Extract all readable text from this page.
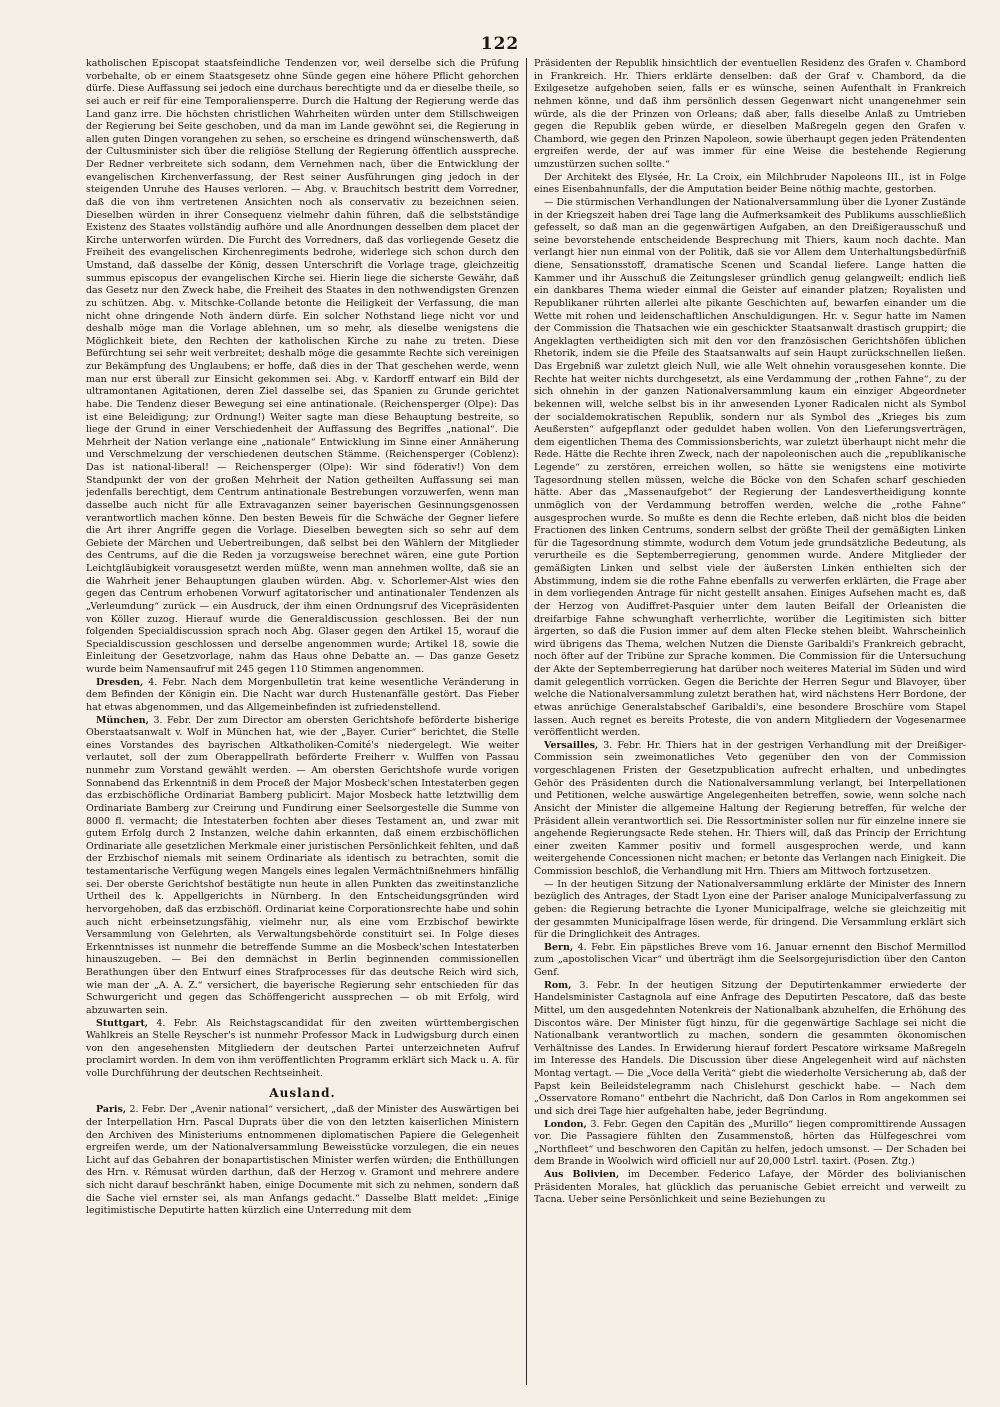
122

katholischen Episcopat staatsfeindliche Tendenzen vor, weil derselbe sich die Prüfung vorbehalte, ob er einem Staatsgesetz ohne Sünde gegen eine höhere Pflicht gehorchen dürfe. Diese Auffassung sei jedoch eine durchaus berechtigte und da er dieselbe theile, so sei auch er reif für eine Temporaliensperre. Durch die Haltung der Regierung werde das Land ganz irre. Die höchsten christlichen Wahrheiten würden unter dem Stillschweigen der Regierung bei Seite geschoben, und da man im Lande gewöhnt sei, die Regierung in allen guten Dingen vorangehen zu sehen, so erscheine es dringend wünschenswerth, daß der Cultusminister sich über die religiöse Stellung der Regierung öffentlich ausspreche. Der Redner verbreitete sich sodann, dem Vernehmen nach, über die Entwicklung der evangelischen Kirchenverfassung, der Rest seiner Ausführungen ging jedoch in der steigenden Unruhe des Hauses verloren. — Abg. v. Brauchitsch bestritt dem Vorredner, daß die von ihm vertretenen Ansichten noch als conservativ zu bezeichnen seien. Dieselben würden in ihrer Consequenz vielmehr dahin führen, daß die selbstständige Existenz des Staates vollständig aufhöre und alle Anordnungen desselben dem placet der Kirche unterworfen würden. Die Furcht des Vorredners, daß das vorliegende Gesetz die Freiheit des evangelischen Kirchenregiments bedrohe, widerlege sich schon durch den Umstand, daß dasselbe der König, dessen Unterschrift die Vorlage trage, gleichzeitig summus episcopus der evangelischen Kirche sei. Hierin liege die sicherste Gewähr, daß das Gesetz nur den Zweck habe, die Freiheit des Staates in den nothwendigsten Grenzen zu schützen. Abg. v. Mitschke-Collande betonte die Heiligkeit der Verfassung, die man nicht ohne dringende Noth ändern dürfe. Ein solcher Nothstand liege nicht vor und deshalb möge man die Vorlage ablehnen, um so mehr, als dieselbe wenigstens die Möglichkeit biete, den Rechten der katholischen Kirche zu nahe zu treten. Diese Befürchtung sei sehr weit verbreitet; deshalb möge die gesammte Rechte sich vereinigen zur Bekämpfung des Unglaubens; er hoffe, daß dies in der That geschehen werde, wenn man nur erst überall zur Einsicht gekommen sei. Abg. v. Kardorff entwarf ein Bild der ultramontanen Agitationen, deren Ziel dasselbe sei, das Spanien zu Grunde gerichtet habe. Die Tendenz dieser Bewegung sei eine antinationale. (Reichensperger (Olpe): Das ist eine Beleidigung; zur Ordnung!) Weiter sagte man diese Behauptung bestreite, so liege der Grund in einer Verschiedenheit der Auffassung des Begriffes „national“. Die Mehrheit der Nation verlange eine „nationale“ Entwicklung im Sinne einer Annäherung und Verschmelzung der verschiedenen deutschen Stämme. (Reichensperger (Coblenz): Das ist national-liberal! — Reichensperger (Olpe): Wir sind föderativ!) Von dem Standpunkt der von der großen Mehrheit der Nation getheilten Auffassung sei man jedenfalls berechtigt, dem Centrum antinationale Bestrebungen vorzuwerfen, wenn man dasselbe auch nicht für alle Extravaganzen seiner bayerischen Gesinnungsgenossen verantwortlich machen könne. Den besten Beweis für die Schwäche der Gegner liefere die Art ihrer Angriffe gegen die Vorlage. Dieselben bewegten sich so sehr auf dem Gebiete der Märchen und Uebertreibungen, daß selbst bei den Wählern der Mitglieder des Centrums, auf die die Reden ja vorzugsweise berechnet wären, eine gute Portion Leichtgläubigkeit vorausgesetzt werden müßte, wenn man annehmen wollte, daß sie an die Wahrheit jener Behauptungen glauben würden. Abg. v. Schorlemer-Alst wies den gegen das Centrum erhobenen Vorwurf agitatorischer und antinationaler Tendenzen als „Verleumdung“ zurück — ein Ausdruck, der ihm einen Ordnungsruf des Vicepräsidenten von Köller zuzog. Hierauf wurde die Generaldiscussion geschlossen. Bei der nun folgenden Specialdiscussion sprach noch Abg. Glaser gegen den Artikel 15, worauf die Specialdiscussion geschlossen und derselbe angenommen wurde; Artikel 18, sowie die Einleitung der Gesetzvorlage, nahm das Haus ohne Debatte an. — Das ganze Gesetz wurde beim Namensaufruf mit 245 gegen 110 Stimmen angenommen.

Dresden, 4. Febr. Nach dem Morgenbulletin trat keine wesentliche Veränderung in dem Befinden der Königin ein. Die Nacht war durch Hustenanfälle gestört. Das Fieber hat etwas abgenommen, und das Allgemeinbefinden ist zufriedenstellend.

München, 3. Febr. Der zum Director am obersten Gerichtshofe beförderte bisherige Oberstaatsanwalt v. Wolf in München hat, wie der „Bayer. Curier“ berichtet, die Stelle eines Vorstandes des bayrischen Altkatholiken-Comité's niedergelegt. Wie weiter verlautet, soll der zum Oberappellrath beförderte Freiherr v. Wulffen von Passau nunmehr zum Vorstand gewählt werden. — Am obersten Gerichtshofe wurde vorigen Sonnabend das Erkenntniß in dem Proceß der Major Mosbeck'schen Intestaterben gegen das erzbischöfliche Ordinariat Bamberg publicirt. Major Mosbeck hatte letztwillig dem Ordinariate Bamberg zur Creirung und Fundirung einer Seelsorgestelle die Summe von 8000 fl. vermacht; die Intestaterben fochten aber dieses Testament an, und zwar mit gutem Erfolg durch 2 Instanzen, welche dahin erkannten, daß einem erzbischöflichen Ordinariate alle gesetzlichen Merkmale einer juristischen Persönlichkeit fehlten, und daß der Erzbischof niemals mit seinem Ordinariate als identisch zu betrachten, somit die testamentarische Verfügung wegen Mangels eines legalen Vermächtnißnehmers hinfällig sei. Der oberste Gerichtshof bestätigte nun heute in allen Punkten das zweitinstanzliche Urtheil des k. Appellgerichts in Nürnberg. In den Entscheidungsgründen wird hervorgehoben, daß das erzbischöfl. Ordinariat keine Corporationsrechte habe und sohin auch nicht erbeinsetzungsfähig, vielmehr nur, als eine vom Erzbischof bewirkte Versammlung von Gelehrten, als Verwaltungsbehörde constituirt sei. In Folge dieses Erkenntnisses ist nunmehr die betreffende Summe an die Mosbeck'schen Intestaterben hinauszugeben. — Bei den demnächst in Berlin beginnenden commissionellen Berathungen über den Entwurf eines Strafprocesses für das deutsche Reich wird sich, wie man der „A. A. Z.“ versichert, die bayerische Regierung sehr entschieden für das Schwurgericht und gegen das Schöffengericht aussprechen — ob mit Erfolg, wird abzuwarten sein.

Stuttgart, 4. Febr. Als Reichstagscandidat für den zweiten württembergischen Wahlkreis an Stelle Reyscher's ist nunmehr Professor Mack in Ludwigsburg durch einen von den angesehensten Mitgliedern der deutschen Partei unterzeichneten Aufruf proclamirt worden. In dem von ihm veröffentlichten Programm erklärt sich Mack u. A. für volle Durchführung der deutschen Rechtseinheit.

Ausland.

Paris, 2. Febr. Der „Avenir national“ versichert, „daß der Minister des Auswärtigen bei der Interpellation Hrn. Pascal Duprats über die von den letzten kaiserlichen Ministern den Archiven des Ministeriums entnommenen diplomatischen Papiere die Gelegenheit ergreifen werde, um der Nationalversammlung Beweisstücke vorzulegen, die ein neues Licht auf das Gebahren der bonapartistischen Minister werfen würden; die Enthüllungen des Hrn. v. Rémusat würden darthun, daß der Herzog v. Gramont und mehrere andere sich nicht darauf beschränkt haben, einige Documente mit sich zu nehmen, sondern daß die Sache viel ernster sei, als man Anfangs gedacht.“ Dasselbe Blatt meldet: „Einige legitimistische Deputirte hatten kürzlich eine Unterredung mit dem

Präsidenten der Republik hinsichtlich der eventuellen Residenz des Grafen v. Chambord in Frankreich. Hr. Thiers erklärte denselben: daß der Graf v. Chambord, da die Exilgesetze aufgehoben seien, falls er es wünsche, seinen Aufenthalt in Frankreich nehmen könne, und daß ihm persönlich dessen Gegenwart nicht unangenehmer sein würde, als die der Prinzen von Orleans; daß aber, falls dieselbe Anlaß zu Umtrieben gegen die Republik geben würde, er dieselben Maßregeln gegen den Grafen v. Chambord, wie gegen den Prinzen Napoleon, sowie überhaupt gegen jeden Prätendenten ergreifen werde, der auf was immer für eine Weise die bestehende Regierung umzustürzen suchen sollte.“

Der Architekt des Elysée, Hr. La Croix, ein Milchbruder Napoleons III., ist in Folge eines Eisenbahnunfalls, der die Amputation beider Beine nöthig machte, gestorben.

— Die stürmischen Verhandlungen der Nationalversammlung über die Lyoner Zustände in der Kriegszeit haben drei Tage lang die Aufmerksamkeit des Publikums ausschließlich gefesselt, so daß man an die gegenwärtigen Aufgaben, an den Dreißigerausschuß und seine bevorstehende entscheidende Besprechung mit Thiers, kaum noch dachte. Man verlangt hier nun einmal von der Politik, daß sie vor Allem dem Unterhaltungsbedürfniß diene, Sensationsstoff, dramatische Scenen und Scandal liefere. Lange hatten die Kammer und ihr Ausschuß die Zeitungsleser gründlich genug gelangweilt; endlich ließ ein dankbares Thema wieder einmal die Geister auf einander platzen; Royalisten und Republikaner rührten allerlei alte pikante Geschichten auf, bewarfen einander um die Wette mit rohen und leidenschaftlichen Anschuldigungen. Hr. v. Segur hatte im Namen der Commission die Thatsachen wie ein geschickter Staatsanwalt drastisch gruppirt; die Angeklagten vertheidigten sich mit den vor den französischen Gerichtshöfen üblichen Rhetorik, indem sie die Pfeile des Staatsanwalts auf sein Haupt zurückschnellen ließen. Das Ergebniß war zuletzt gleich Null, wie alle Welt ohnehin vorausgesehen konnte. Die Rechte hat weiter nichts durchgesetzt, als eine Verdammung der „rothen Fahne“, zu der sich ohnehin in der ganzen Nationalversammlung kaum ein einziger Abgeordneter bekennen will, welche selbst bis in ihr anwesenden Lyoner Radicalen nicht als Symbol der socialdemokratischen Republik, sondern nur als Symbol des „Krieges bis zum Aeußersten“ aufgepflanzt oder geduldet haben wollen. Von den Lieferungsverträgen, dem eigentlichen Thema des Commissionsberichts, war zuletzt überhaupt nicht mehr die Rede. Hätte die Rechte ihren Zweck, nach der napoleonischen auch die „republikanische Legende“ zu zerstören, erreichen wollen, so hätte sie wenigstens eine motivirte Tagesordnung stellen müssen, welche die Böcke von den Schafen scharf geschieden hätte. Aber das „Massenaufgebot“ der Regierung der Landesvertheidigung konnte unmöglich von der Verdammung betroffen werden, welche die „rothe Fahne“ ausgesprochen wurde. So mußte es denn die Rechte erleben, daß nicht blos die beiden Fractionen des linken Centrums, sondern selbst der größte Theil der gemäßigten Linken für die Tagesordnung stimmte, wodurch dem Votum jede grundsätzliche Bedeutung, als verurtheile es die Septemberregierung, genommen wurde. Andere Mitglieder der gemäßigten Linken und selbst viele der äußersten Linken enthielten sich der Abstimmung, indem sie die rothe Fahne ebenfalls zu verwerfen erklärten, die Frage aber in dem vorliegenden Antrage für nicht gestellt ansahen. Einiges Aufsehen macht es, daß der Herzog von Audiffret-Pasquier unter dem lauten Beifall der Orleanisten die dreifarbige Fahne schwunghaft verherrlichte, worüber die Legitimisten sich bitter ärgerten, so daß die Fusion immer auf dem alten Flecke stehen bleibt. Wahrscheinlich wird übrigens das Thema, welchen Nutzen die Dienste Garibaldi's Frankreich gebracht, noch öfter auf der Tribüne zur Sprache kommen. Die Commission für die Untersuchung der Akte der Septemberregierung hat darüber noch weiteres Material im Süden und wird damit gelegentlich vorrücken. Gegen die Berichte der Herren Segur und Blavoyer, über welche die Nationalversammlung zuletzt berathen hat, wird nächstens Herr Bordone, der etwas anrüchige Generalstabschef Garibaldi's, eine besondere Broschüre vom Stapel lassen. Auch regnet es bereits Proteste, die von andern Mitgliedern der Vogesenarmee veröffentlicht werden.

Versailles, 3. Febr. Hr. Thiers hat in der gestrigen Verhandlung mit der Dreißiger-Commission sein zweimonatliches Veto gegenüber den von der Commission vorgeschlagenen Fristen der Gesetzpublication aufrecht erhalten, und unbedingtes Gehör des Präsidenten durch die Nationalversammlung verlangt, bei Interpellationen und Petitionen, welche auswärtige Angelegenheiten betreffen, sowie, wenn solche nach Ansicht der Minister die allgemeine Haltung der Regierung betreffen, für welche der Präsident allein verantwortlich sei. Die Ressortminister sollen nur für einzelne innere sie angehende Regierungsacte Rede stehen. Hr. Thiers will, daß das Princip der Errichtung einer zweiten Kammer positiv und formell ausgesprochen werde, und kann weitergehende Concessionen nicht machen; er betonte das Verlangen nach Einigkeit. Die Commission beschloß, die Verhandlung mit Hrn. Thiers am Mittwoch fortzusetzen.

— In der heutigen Sitzung der Nationalversammlung erklärte der Minister des Innern bezüglich des Antrages, der Stadt Lyon eine der Pariser analoge Municipalverfassung zu geben: die Regierung betrachte die Lyoner Municipalfrage, welche sie gleichzeitig mit der gesammten Municipalfrage lösen werde, für dringend. Die Versammlung erklärt sich für die Dringlichkeit des Antrages.

Bern, 4. Febr. Ein päpstliches Breve vom 16. Januar ernennt den Bischof Mermillod zum „apostolischen Vicar“ und überträgt ihm die Seelsorgejurisdiction über den Canton Genf.

Rom, 3. Febr. In der heutigen Sitzung der Deputirtenkammer erwiederte der Handelsminister Castagnola auf eine Anfrage des Deputirten Pescatore, daß das beste Mittel, um den ausgedehnten Notenkreis der Nationalbank abzuhelfen, die Erhöhung des Discontos wäre. Der Minister fügt hinzu, für die gegenwärtige Sachlage sei nicht die Nationalbank verantwortlich zu machen, sondern die gesammten ökonomischen Verhältnisse des Landes. In Erwiderung hierauf fordert Pescatore wirksame Maßregeln im Interesse des Handels. Die Discussion über diese Angelegenheit wird auf nächsten Montag vertagt. — Die „Voce della Verità“ giebt die wiederholte Versicherung ab, daß der Papst kein Beileidstelegramm nach Chislehurst geschickt habe. — Nach dem „Osservatore Romano“ entbehrt die Nachricht, daß Don Carlos in Rom angekommen sei und sich drei Tage hier aufgehalten habe, jeder Begründung.

London, 3. Febr. Gegen den Capitän des „Murillo“ liegen compromittirende Aussagen vor. Die Passagiere fühlten den Zusammenstoß, hörten das Hülfegeschrei vom „Northfleet“ und beschworen den Capitän zu helfen, jedoch umsonst. — Der Schaden bei dem Brande in Woolwich wird officiell nur auf 20,000 Lstrl. taxirt. (Posen. Ztg.)

Aus Bolivien, im December. Federico Lafaye, der Mörder des bolivianischen Präsidenten Morales, hat glücklich das peruanische Gebiet erreicht und verweilt zu Tacna. Ueber seine Persönlichkeit und seine Beziehungen zu
